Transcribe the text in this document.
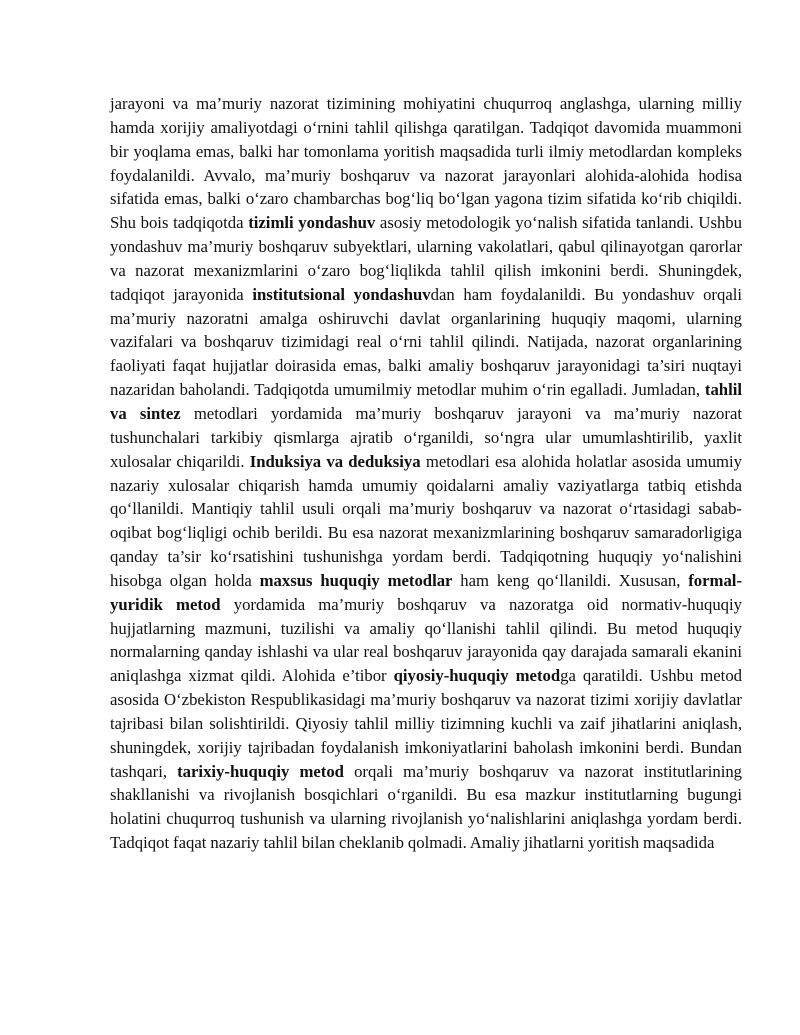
jarayoni va ma’muriy nazorat tizimining mohiyatini chuqurroq anglashga, ularning milliy hamda xorijiy amaliyotdagi o‘rnini tahlil qilishga qaratilgan. Tadqiqot davomida muammoni bir yoqlama emas, balki har tomonlama yoritish maqsadida turli ilmiy metodlardan kompleks foydalanildi. Avvalo, ma’muriy boshqaruv va nazorat jarayonlari alohida-alohida hodisa sifatida emas, balki o‘zaro chambarchas bog‘liq bo‘lgan yagona tizim sifatida ko‘rib chiqildi. Shu bois tadqiqotda tizimli yondashuv asosiy metodologik yo‘nalish sifatida tanlandi. Ushbu yondashuv ma’muriy boshqaruv subyektlari, ularning vakolatlari, qabul qilinayotgan qarorlar va nazorat mexanizmlarini o‘zaro bog‘liqlikda tahlil qilish imkonini berdi. Shuningdek, tadqiqot jarayonida institutsional yondashuvdan ham foydalanildi. Bu yondashuv orqali ma’muriy nazoratni amalga oshiruvchi davlat organlarining huquqiy maqomi, ularning vazifalari va boshqaruv tizimidagi real o‘rni tahlil qilindi. Natijada, nazorat organlarining faoliyati faqat hujjatlar doirasida emas, balki amaliy boshqaruv jarayonidagi ta’siri nuqtayi nazaridan baholandi. Tadqiqotda umumilmiy metodlar muhim o‘rin egalladi. Jumladan, tahlil va sintez metodlari yordamida ma’muriy boshqaruv jarayoni va ma’muriy nazorat tushunchalari tarkibiy qismlarga ajratib o‘rganildi, so‘ngra ular umumlashtirilib, yaxlit xulosalar chiqarildi. Induksiya va deduksiya metodlari esa alohida holatlar asosida umumiy nazariy xulosalar chiqarish hamda umumiy qoidalarni amaliy vaziyatlarga tatbiq etishda qo‘llanildi. Mantiqiy tahlil usuli orqali ma’muriy boshqaruv va nazorat o‘rtasidagi sabab-oqibat bog‘liqligi ochib berildi. Bu esa nazorat mexanizmlarining boshqaruv samaradorligiga qanday ta’sir ko‘rsatishini tushunishga yordam berdi. Tadqiqotning huquqiy yo‘nalishini hisobga olgan holda maxsus huquqiy metodlar ham keng qo‘llanildi. Xususan, formal-yuridik metod yordamida ma’muriy boshqaruv va nazoratga oid normativ-huquqiy hujjatlarning mazmuni, tuzilishi va amaliy qo‘llanishi tahlil qilindi. Bu metod huquqiy normalarning qanday ishlashi va ular real boshqaruv jarayonida qay darajada samarali ekanini aniqlashga xizmat qildi. Alohida e’tibor qiyosiy-huquqiy metodga qaratildi. Ushbu metod asosida O‘zbekiston Respublikasidagi ma’muriy boshqaruv va nazorat tizimi xorijiy davlatlar tajribasi bilan solishtirildi. Qiyosiy tahlil milliy tizimning kuchli va zaif jihatlarini aniqlash, shuningdek, xorijiy tajribadan foydalanish imkoniyatlarini baholash imkonini berdi. Bundan tashqari, tarixiy-huquqiy metod orqali ma’muriy boshqaruv va nazorat institutlarining shakllanishi va rivojlanish bosqichlari o‘rganildi. Bu esa mazkur institutlarning bugungi holatini chuqurroq tushunish va ularning rivojlanish yo‘nalishlarini aniqlashga yordam berdi. Tadqiqot faqat nazariy tahlil bilan cheklanib qolmadi. Amaliy jihatlarni yoritish maqsadida
